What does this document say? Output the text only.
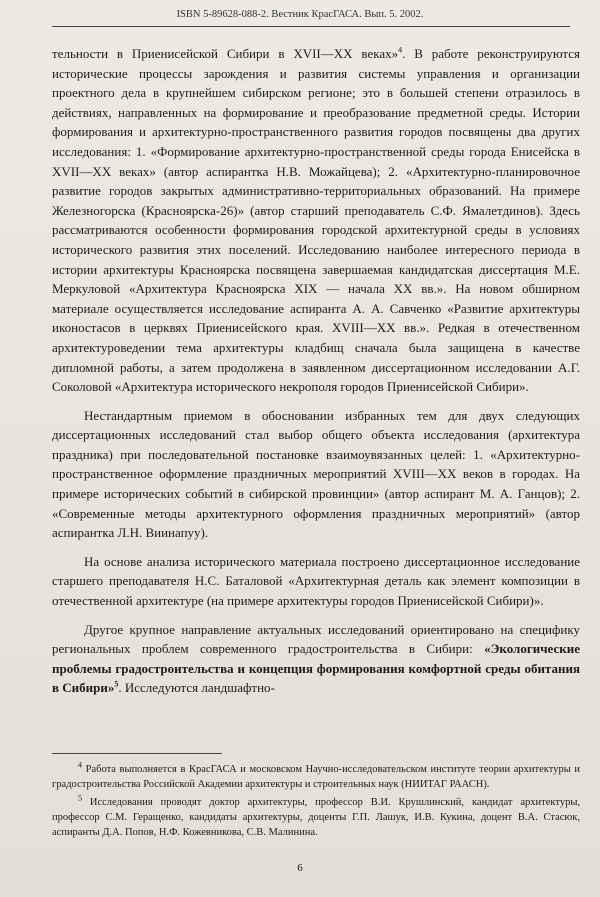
ISBN 5-89628-088-2. Вестник КрасГАСА. Вып. 5. 2002.

тельности в Приенисейской Сибири в XVII—XX веках»$^4$. В работе реконструируются исторические процессы зарождения и развития системы управления и организации проектного дела в крупнейшем сибирском регионе; это в большей степени отразилось в действиях, направленных на формирование и преобразование предметной среды. Истории формирования и архитектурно-пространственного развития городов посвящены два других исследования: 1. «Формирование архитектурно-пространственной среды города Енисейска в XVII—XX веках» (автор аспирантка Н.В. Можайцева); 2. «Архитектурно-планировочное развитие городов закрытых административно-территориальных образований. На примере Железногорска (Красноярска-26)» (автор старший преподаватель С.Ф. Ямалетдинов). Здесь рассматриваются особенности формирования городской архитектурной среды в условиях исторического развития этих поселений. Исследованию наиболее интересного периода в истории архитектуры Красноярска посвящена завершаемая кандидатская диссертация М.Е. Меркуловой «Архитектура Красноярска XIX — начала XX вв.». На новом обширном материале осуществляется исследование аспиранта А. А. Савченко «Развитие архитектуры иконостасов в церквях Приенисейского края. XVIII—XX вв.». Редкая в отечественном архитектуроведении тема архитектуры кладбищ сначала была защищена в качестве дипломной работы, а затем продолжена в заявленном диссертационном исследовании А.Г. Соколовой «Архитектура исторического некрополя городов Приенисейской Сибири».

Нестандартным приемом в обосновании избранных тем для двух следующих диссертационных исследований стал выбор общего объекта исследования (архитектура праздника) при последовательной постановке взаимоувязанных целей: 1. «Архитектурно-пространственное оформление праздничных мероприятий XVIII—XX веков в городах. На примере исторических событий в сибирской провинции» (автор аспирант М. А. Ганцов); 2. «Современные методы архитектурного оформления праздничных мероприятий» (автор аспирантка Л.Н. Виинапуу).

На основе анализа исторического материала построено диссертационное исследование старшего преподавателя Н.С. Баталовой «Архитектурная деталь как элемент композиции в отечественной архитектуре (на примере архитектуры городов Приенисейской Сибири)».

Другое крупное направление актуальных исследований ориентировано на специфику региональных проблем современного градостроительства в Сибири: «Экологические проблемы градостроительства и концепция формирования комфортной среды обитания в Сибири»$^5$. Исследуются ландшафтно-

$^4$ Работа выполняется в КрасГАСА и московском Научно-исследовательском институте теории архитектуры и градостроительства Российской Академии архитектуры и строительных наук (НИИТАГ РААСН).

$^5$ Исследования проводят доктор архитектуры, профессор В.И. Крушлинский, кандидат архитектуры, профессор С.М. Геращенко, кандидаты архитектуры, доценты Г.П. Лашук, И.В. Кукина, доцент В.А. Стасюк, аспиранты Д.А. Попов, Н.Ф. Кожевникова, С.В. Малинина.

6
